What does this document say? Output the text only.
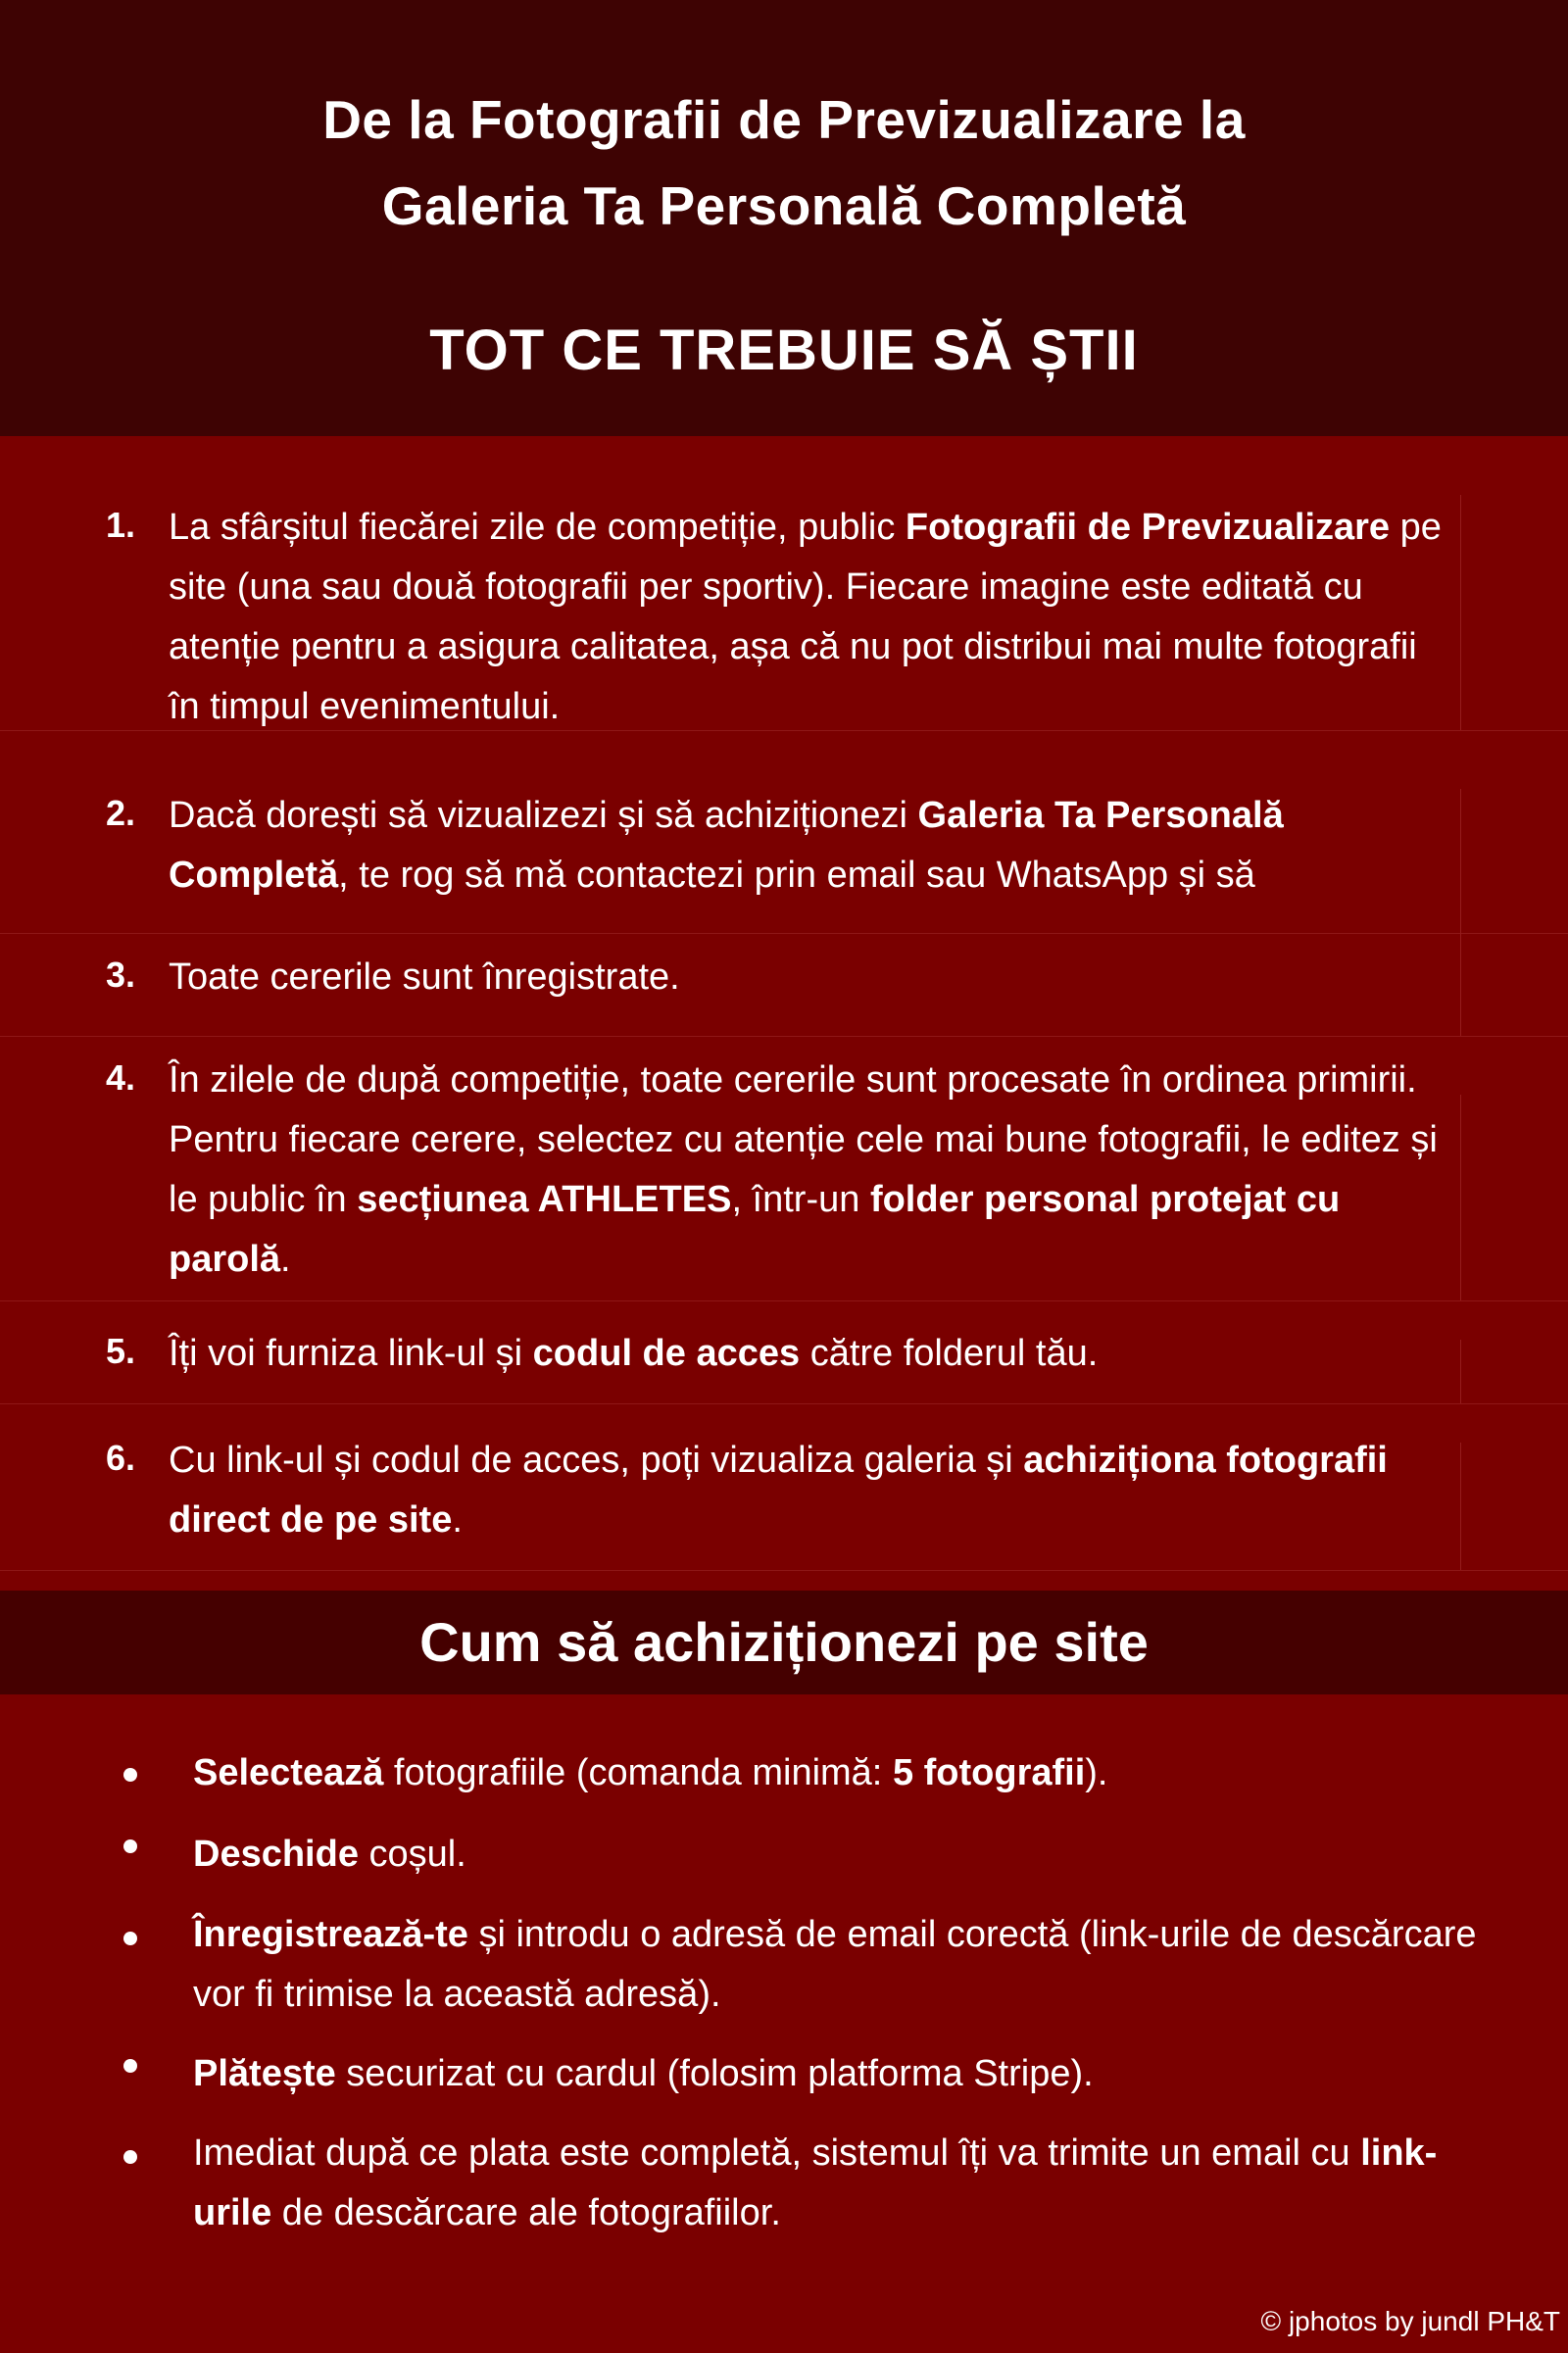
De la Fotografii de Previzualizare la
Galeria Ta Personală Completă
TOT CE TREBUIE SĂ ȘTII
1. La sfârșitul fiecărei zile de competiție, public Fotografii de Previzualizare pe site (una sau două fotografii per sportiv). Fiecare imagine este editată cu atenție pentru a asigura calitatea, așa că nu pot distribui mai multe fotografii în timpul evenimentului.
2. Dacă dorești să vizualizezi și să achiziționezi Galeria Ta Personală Completă, te rog să mă contactezi prin email sau WhatsApp și să
3. Toate cererile sunt înregistrate.
4. În zilele de după competiție, toate cererile sunt procesate în ordinea primirii. Pentru fiecare cerere, selectez cu atenție cele mai bune fotografii, le editez și le public în secțiunea ATHLETES, într-un folder personal protejat cu parolă.
5. Îți voi furniza link-ul și codul de acces către folderul tău.
6. Cu link-ul și codul de acces, poți vizualiza galeria și achiziționa fotografii direct de pe site.
Cum să achiziționezi pe site
Selectează fotografiile (comanda minimă: 5 fotografii).
Deschide coșul.
Înregistrează-te și introdu o adresă de email corectă (link-urile de descărcare vor fi trimise la această adresă).
Plătește securizat cu cardul (folosim platforma Stripe).
Imediat după ce plata este completă, sistemul îți va trimite un email cu link-urile de descărcare ale fotografiilor.
© jphotos by jundl PH&T
